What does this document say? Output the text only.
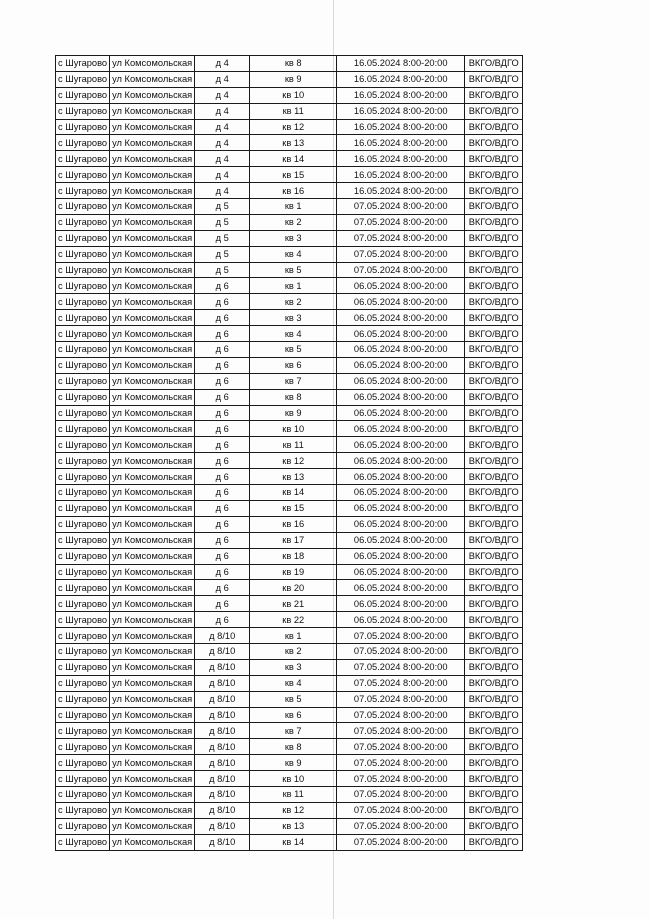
с Шугарово	ул Комсомольская	д 4	кв 8	16.05.2024 8:00-20:00	ВКГО/ВДГО
с Шугарово	ул Комсомольская	д 4	кв 9	16.05.2024 8:00-20:00	ВКГО/ВДГО
с Шугарово	ул Комсомольская	д 4	кв 10	16.05.2024 8:00-20:00	ВКГО/ВДГО
с Шугарово	ул Комсомольская	д 4	кв 11	16.05.2024 8:00-20:00	ВКГО/ВДГО
с Шугарово	ул Комсомольская	д 4	кв 12	16.05.2024 8:00-20:00	ВКГО/ВДГО
с Шугарово	ул Комсомольская	д 4	кв 13	16.05.2024 8:00-20:00	ВКГО/ВДГО
с Шугарово	ул Комсомольская	д 4	кв 14	16.05.2024 8:00-20:00	ВКГО/ВДГО
с Шугарово	ул Комсомольская	д 4	кв 15	16.05.2024 8:00-20:00	ВКГО/ВДГО
с Шугарово	ул Комсомольская	д 4	кв 16	16.05.2024 8:00-20:00	ВКГО/ВДГО
с Шугарово	ул Комсомольская	д 5	кв 1	07.05.2024 8:00-20:00	ВКГО/ВДГО
с Шугарово	ул Комсомольская	д 5	кв 2	07.05.2024 8:00-20:00	ВКГО/ВДГО
с Шугарово	ул Комсомольская	д 5	кв 3	07.05.2024 8:00-20:00	ВКГО/ВДГО
с Шугарово	ул Комсомольская	д 5	кв 4	07.05.2024 8:00-20:00	ВКГО/ВДГО
с Шугарово	ул Комсомольская	д 5	кв 5	07.05.2024 8:00-20:00	ВКГО/ВДГО
с Шугарово	ул Комсомольская	д 6	кв 1	06.05.2024 8:00-20:00	ВКГО/ВДГО
с Шугарово	ул Комсомольская	д 6	кв 2	06.05.2024 8:00-20:00	ВКГО/ВДГО
с Шугарово	ул Комсомольская	д 6	кв 3	06.05.2024 8:00-20:00	ВКГО/ВДГО
с Шугарово	ул Комсомольская	д 6	кв 4	06.05.2024 8:00-20:00	ВКГО/ВДГО
с Шугарово	ул Комсомольская	д 6	кв 5	06.05.2024 8:00-20:00	ВКГО/ВДГО
с Шугарово	ул Комсомольская	д 6	кв 6	06.05.2024 8:00-20:00	ВКГО/ВДГО
с Шугарово	ул Комсомольская	д 6	кв 7	06.05.2024 8:00-20:00	ВКГО/ВДГО
с Шугарово	ул Комсомольская	д 6	кв 8	06.05.2024 8:00-20:00	ВКГО/ВДГО
с Шугарово	ул Комсомольская	д 6	кв 9	06.05.2024 8:00-20:00	ВКГО/ВДГО
с Шугарово	ул Комсомольская	д 6	кв 10	06.05.2024 8:00-20:00	ВКГО/ВДГО
с Шугарово	ул Комсомольская	д 6	кв 11	06.05.2024 8:00-20:00	ВКГО/ВДГО
с Шугарово	ул Комсомольская	д 6	кв 12	06.05.2024 8:00-20:00	ВКГО/ВДГО
с Шугарово	ул Комсомольская	д 6	кв 13	06.05.2024 8:00-20:00	ВКГО/ВДГО
с Шугарово	ул Комсомольская	д 6	кв 14	06.05.2024 8:00-20:00	ВКГО/ВДГО
с Шугарово	ул Комсомольская	д 6	кв 15	06.05.2024 8:00-20:00	ВКГО/ВДГО
с Шугарово	ул Комсомольская	д 6	кв 16	06.05.2024 8:00-20:00	ВКГО/ВДГО
с Шугарово	ул Комсомольская	д 6	кв 17	06.05.2024 8:00-20:00	ВКГО/ВДГО
с Шугарово	ул Комсомольская	д 6	кв 18	06.05.2024 8:00-20:00	ВКГО/ВДГО
с Шугарово	ул Комсомольская	д 6	кв 19	06.05.2024 8:00-20:00	ВКГО/ВДГО
с Шугарово	ул Комсомольская	д 6	кв 20	06.05.2024 8:00-20:00	ВКГО/ВДГО
с Шугарово	ул Комсомольская	д 6	кв 21	06.05.2024 8:00-20:00	ВКГО/ВДГО
с Шугарово	ул Комсомольская	д 6	кв 22	06.05.2024 8:00-20:00	ВКГО/ВДГО
с Шугарово	ул Комсомольская	д 8/10	кв 1	07.05.2024 8:00-20:00	ВКГО/ВДГО
с Шугарово	ул Комсомольская	д 8/10	кв 2	07.05.2024 8:00-20:00	ВКГО/ВДГО
с Шугарово	ул Комсомольская	д 8/10	кв 3	07.05.2024 8:00-20:00	ВКГО/ВДГО
с Шугарово	ул Комсомольская	д 8/10	кв 4	07.05.2024 8:00-20:00	ВКГО/ВДГО
с Шугарово	ул Комсомольская	д 8/10	кв 5	07.05.2024 8:00-20:00	ВКГО/ВДГО
с Шугарово	ул Комсомольская	д 8/10	кв 6	07.05.2024 8:00-20:00	ВКГО/ВДГО
с Шугарово	ул Комсомольская	д 8/10	кв 7	07.05.2024 8:00-20:00	ВКГО/ВДГО
с Шугарово	ул Комсомольская	д 8/10	кв 8	07.05.2024 8:00-20:00	ВКГО/ВДГО
с Шугарово	ул Комсомольская	д 8/10	кв 9	07.05.2024 8:00-20:00	ВКГО/ВДГО
с Шугарово	ул Комсомольская	д 8/10	кв 10	07.05.2024 8:00-20:00	ВКГО/ВДГО
с Шугарово	ул Комсомольская	д 8/10	кв 11	07.05.2024 8:00-20:00	ВКГО/ВДГО
с Шугарово	ул Комсомольская	д 8/10	кв 12	07.05.2024 8:00-20:00	ВКГО/ВДГО
с Шугарово	ул Комсомольская	д 8/10	кв 13	07.05.2024 8:00-20:00	ВКГО/ВДГО
с Шугарово	ул Комсомольская	д 8/10	кв 14	07.05.2024 8:00-20:00	ВКГО/ВДГО
